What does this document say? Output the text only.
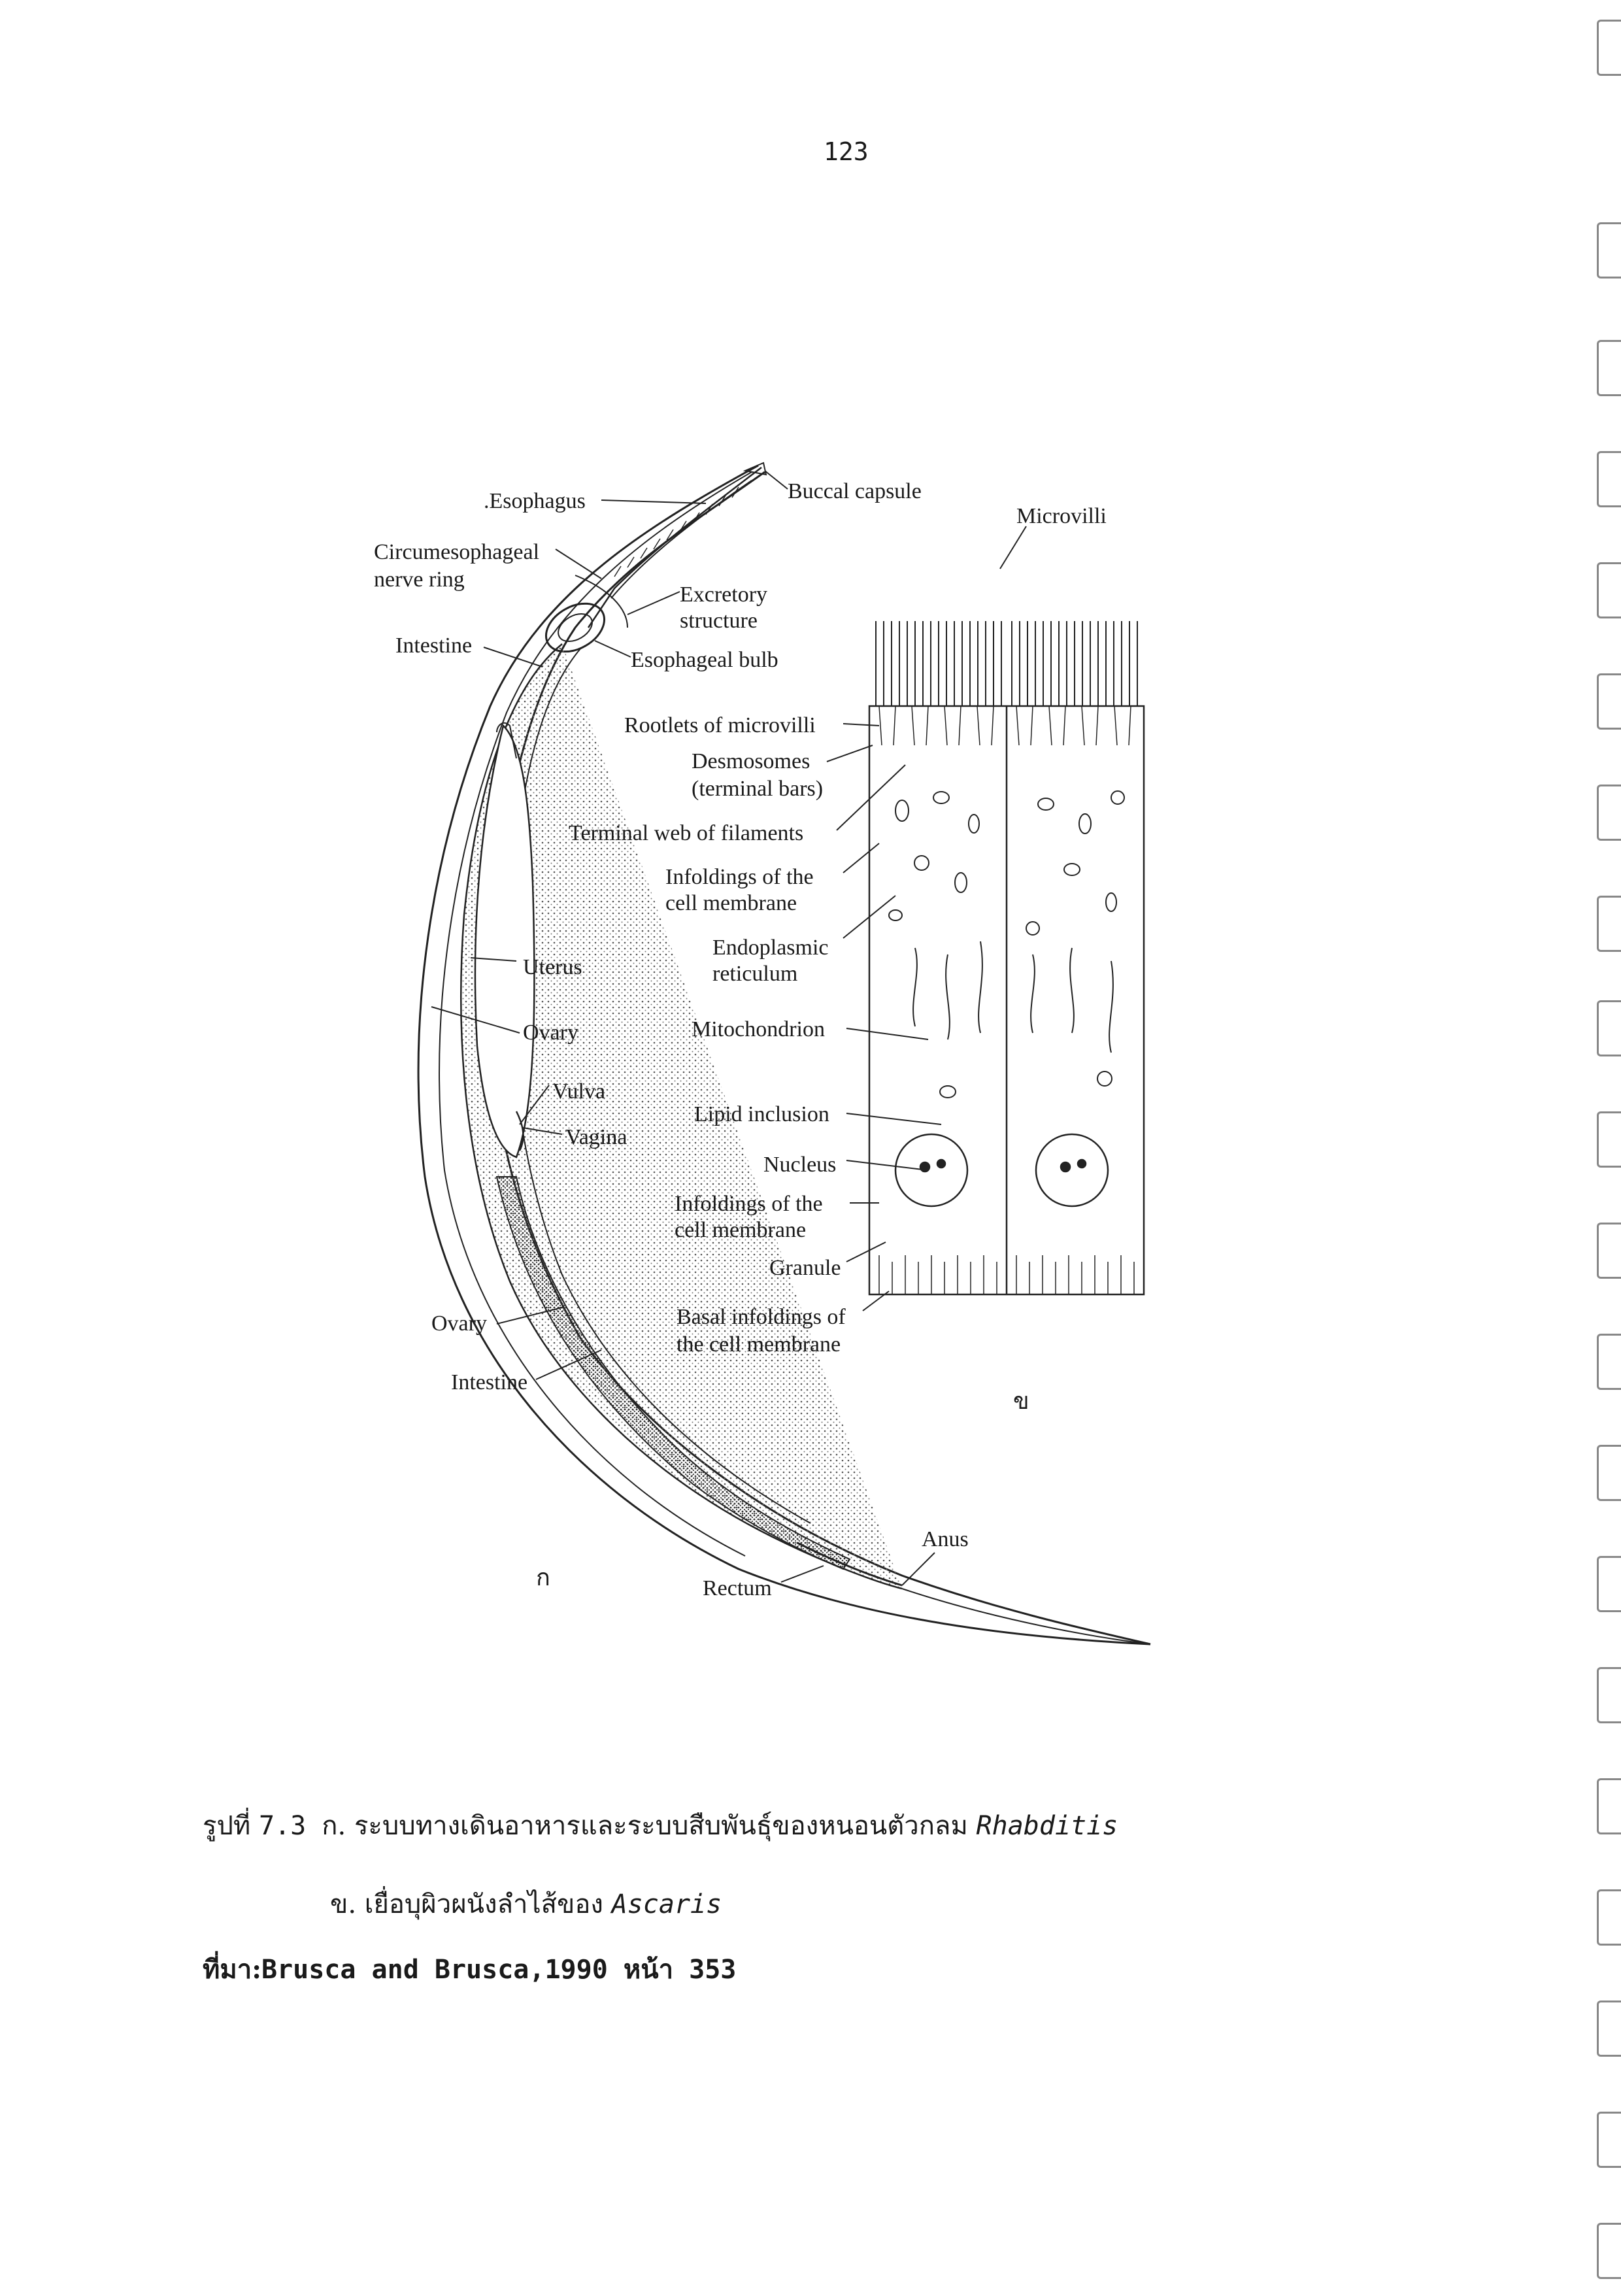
123
.Esophagus	Buccal capsule
Circumesophageal
nerve ring
Excretory
structure
Intestine
Esophageal bulb
Uterus
Ovary
Vulva
Vagina
Ovary
Intestine
Rectum
Anus
Microvilli
Rootlets of microvilli
Desmosomes
(terminal bars)
Terminal web of filaments
Infoldings of the
cell membrane
Endoplasmic
reticulum
Mitochondrion
Lipid inclusion
Nucleus
Infoldings of the
cell membrane
Granule
Basal infoldings of
the cell membrane
ก
ข
รูปที่ 7.3 ก. ระบบทางเดินอาหารและระบบสืบพันธุ์ของหนอนตัวกลม Rhabditis
ข. เยื่อบุผิวผนังลำไส้ของ Ascaris
ที่มา:Brusca and Brusca,1990 หน้า 353
